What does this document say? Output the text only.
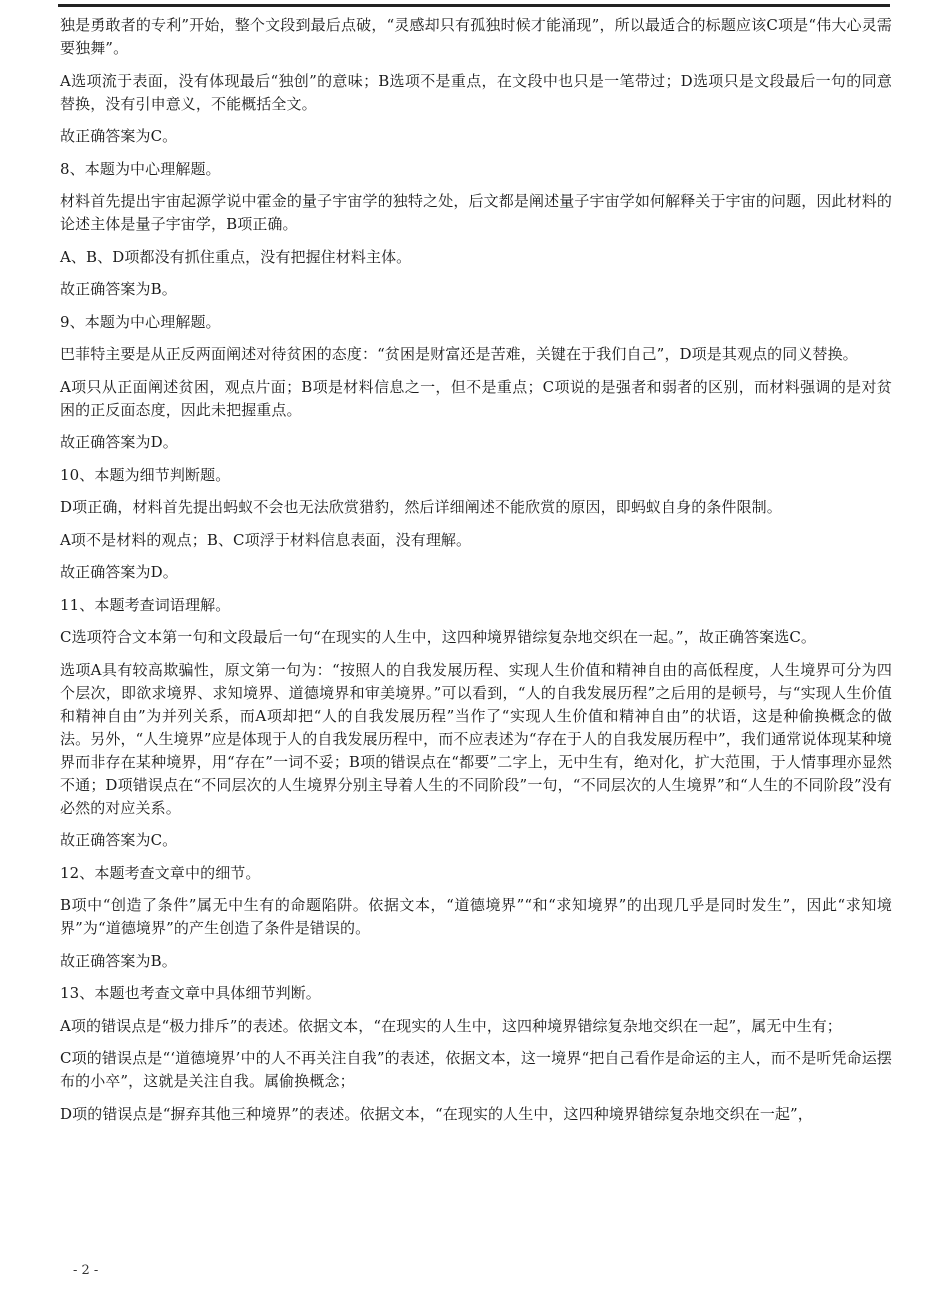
独是勇敢者的专利”开始，整个文段到最后点破，“灵感却只有孤独时候才能涌现”，所以最适合的标题应该C项是“伟大心灵需要独舞”。

A选项流于表面，没有体现最后“独创”的意味；B选项不是重点，在文段中也只是一笔带过；D选项只是文段最后一句的同意替换，没有引申意义，不能概括全文。

故正确答案为C。

8、本题为中心理解题。

材料首先提出宇宙起源学说中霍金的量子宇宙学的独特之处，后文都是阐述量子宇宙学如何解释关于宇宙的问题，因此材料的论述主体是量子宇宙学，B项正确。

A、B、D项都没有抓住重点，没有把握住材料主体。

故正确答案为B。

9、本题为中心理解题。

巴菲特主要是从正反两面阐述对待贫困的态度：“贫困是财富还是苦难，关键在于我们自己”，D项是其观点的同义替换。

A项只从正面阐述贫困，观点片面；B项是材料信息之一，但不是重点；C项说的是强者和弱者的区别，而材料强调的是对贫困的正反面态度，因此未把握重点。

故正确答案为D。

10、本题为细节判断题。

D项正确，材料首先提出蚂蚁不会也无法欣赏猎豹，然后详细阐述不能欣赏的原因，即蚂蚁自身的条件限制。

A项不是材料的观点；B、C项浮于材料信息表面，没有理解。

故正确答案为D。

11、本题考查词语理解。

C选项符合文本第一句和文段最后一句“在现实的人生中，这四种境界错综复杂地交织在一起。”，故正确答案选C。

选项A具有较高欺骗性，原文第一句为：“按照人的自我发展历程、实现人生价值和精神自由的高低程度，人生境界可分为四个层次，即欲求境界、求知境界、道德境界和审美境界。”可以看到，“人的自我发展历程”之后用的是顿号，与“实现人生价值和精神自由”为并列关系，而A项却把“人的自我发展历程”当作了“实现人生价值和精神自由”的状语，这是种偷换概念的做法。另外，“人生境界”应是体现于人的自我发展历程中，而不应表述为“存在于人的自我发展历程中”，我们通常说体现某种境界而非存在某种境界，用“存在”一词不妥；B项的错误点在“都要”二字上，无中生有，绝对化，扩大范围，于人情事理亦显然不通；D项错误点在“不同层次的人生境界分别主导着人生的不同阶段”一句，“不同层次的人生境界”和“人生的不同阶段”没有必然的对应关系。

故正确答案为C。

12、本题考查文章中的细节。

B项中“创造了条件”属无中生有的命题陷阱。依据文本，“道德境界”“和“求知境界”的出现几乎是同时发生”，因此“求知境界”为“道德境界”的产生创造了条件是错误的。

故正确答案为B。

13、本题也考查文章中具体细节判断。

A项的错误点是“极力排斥”的表述。依据文本，“在现实的人生中，这四种境界错综复杂地交织在一起”，属无中生有；

C项的错误点是“‘道德境界’中的人不再关注自我”的表述，依据文本，这一境界“把自己看作是命运的主人，而不是听凭命运摆布的小卒”，这就是关注自我。属偷换概念；

D项的错误点是“摒弃其他三种境界”的表述。依据文本，“在现实的人生中，这四种境界错综复杂地交织在一起”，

- 2 -
